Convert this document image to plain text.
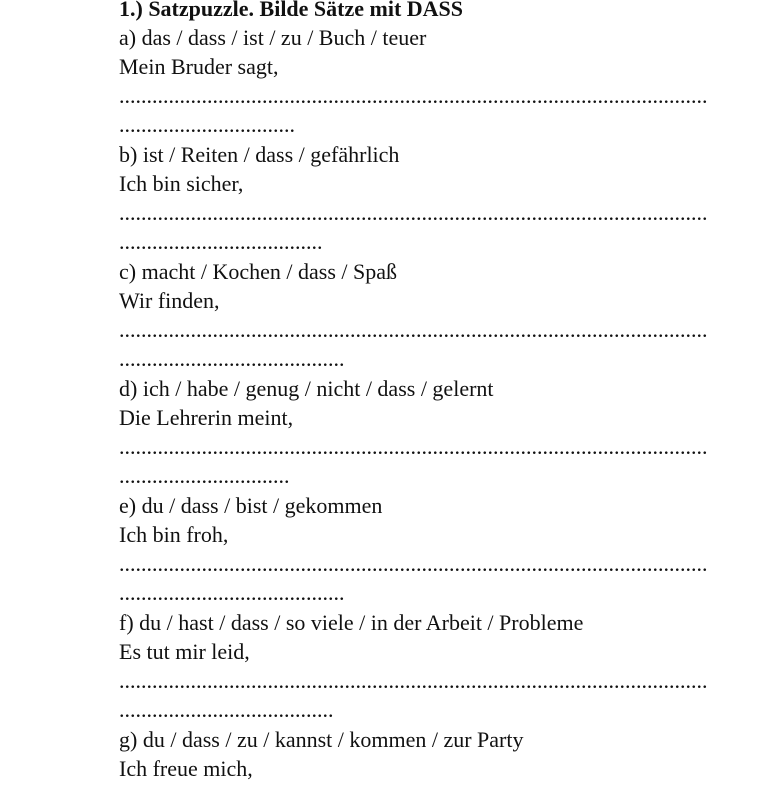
1.) Satzpuzzle. Bilde Sätze mit DASS
a) das / dass / ist / zu / Buch / teuer
Mein Bruder sagt,
...........................................................................................................
................................
b) ist / Reiten / dass / gefährlich
Ich bin sicher,
...........................................................................................................
.....................................
c) macht / Kochen / dass / Spaß
Wir finden,
...........................................................................................................
.........................................
d) ich / habe / genug / nicht / dass / gelernt
Die Lehrerin meint,
...........................................................................................................
...............................
e) du / dass / bist / gekommen
Ich bin froh,
...........................................................................................................
.........................................
f) du / hast / dass / so viele / in der Arbeit / Probleme
Es tut mir leid,
...........................................................................................................
.......................................
g) du / dass / zu / kannst / kommen / zur Party
Ich freue mich,
